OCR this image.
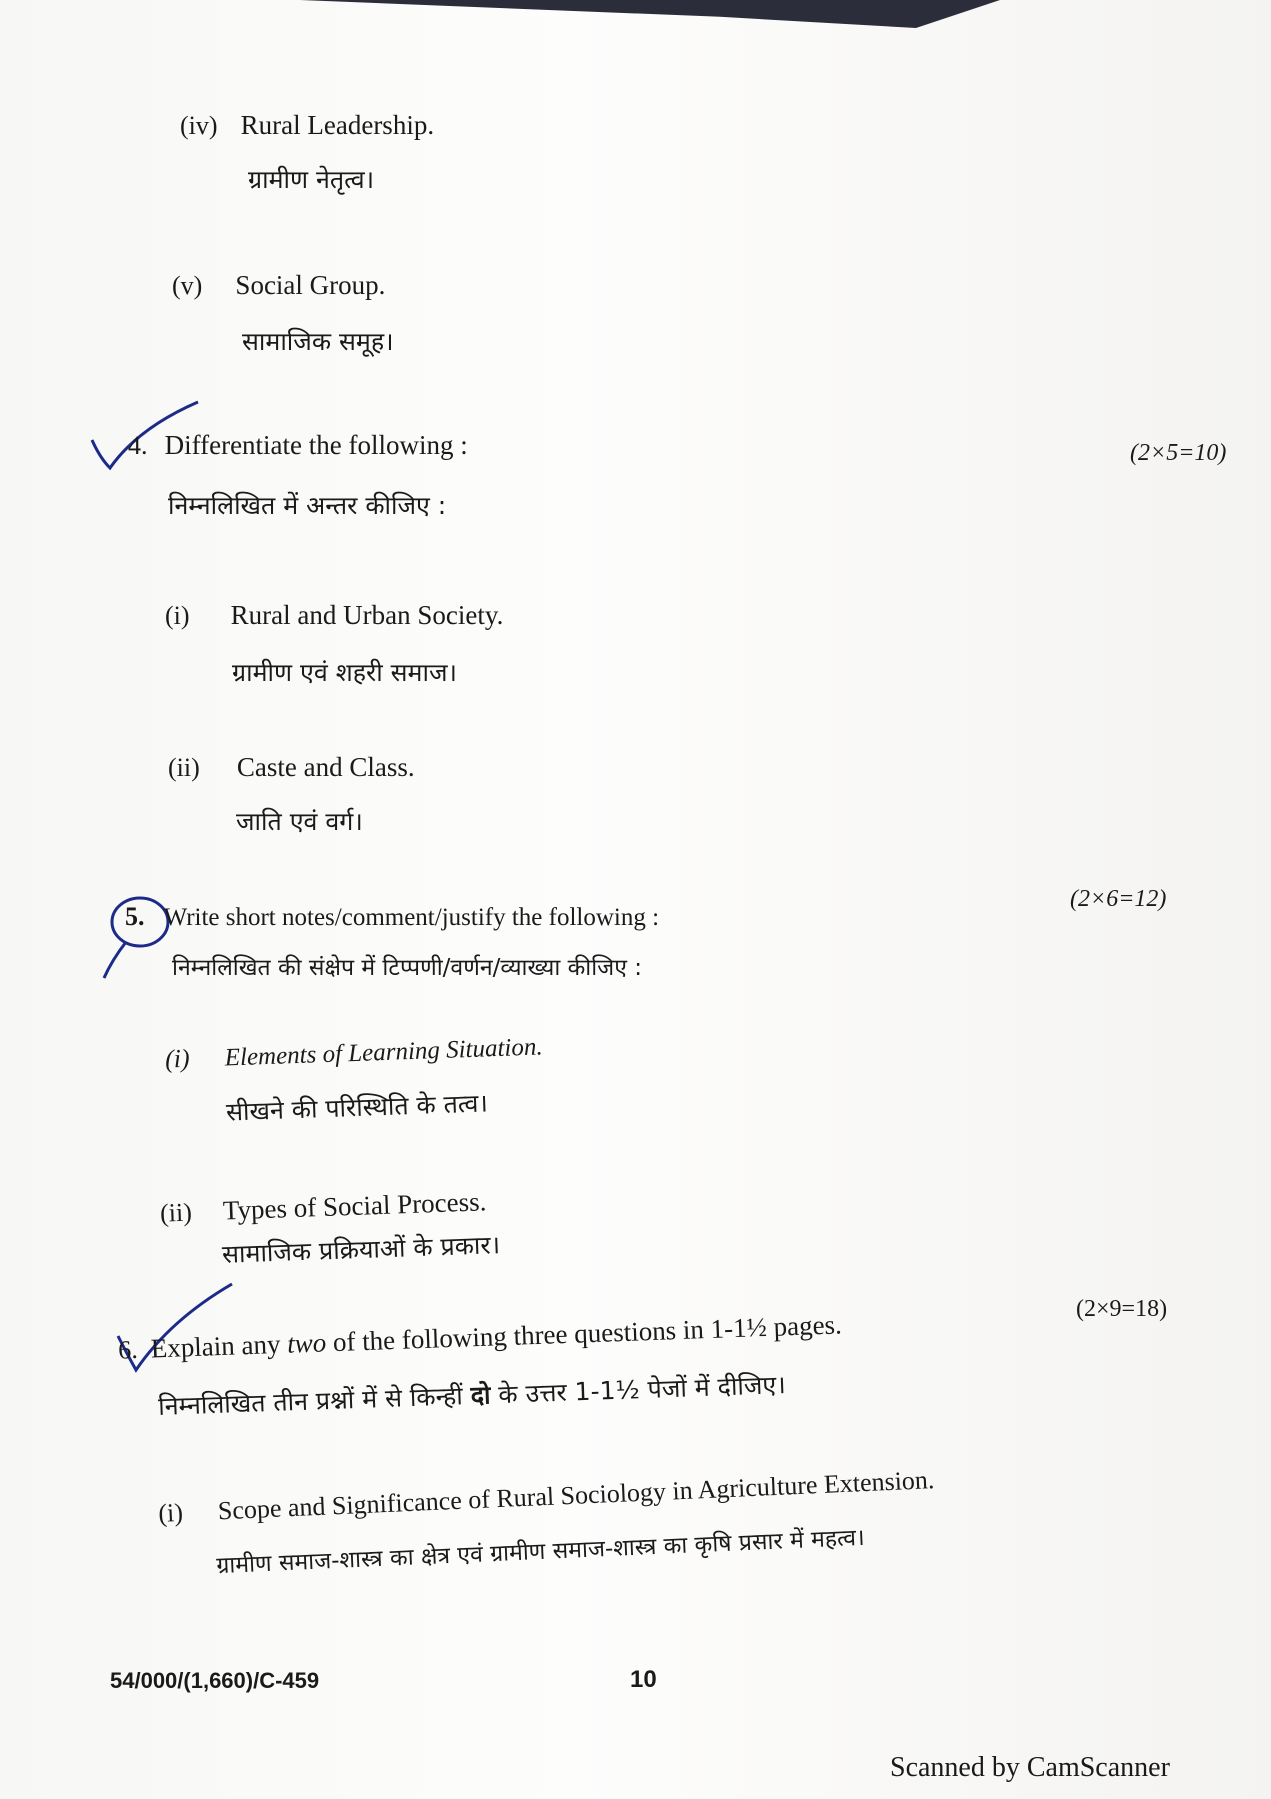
(iv) Rural Leadership.
ग्रामीण नेतृत्व।
(v) Social Group.
सामाजिक समूह।
4. Differentiate the following :	(2×5=10)
निम्नलिखित में अन्तर कीजिए :
(i) Rural and Urban Society.
ग्रामीण एवं शहरी समाज।
(ii) Caste and Class.
जाति एवं वर्ग।
5. Write short notes/comment/justify the following :
(2×6=12)
निम्नलिखित की संक्षेप में टिप्पणी/वर्णन/व्याख्या कीजिए :
(i) Elements of Learning Situation.
सीखने की परिस्थिति के तत्व।
(ii) Types of Social Process.
सामाजिक प्रक्रियाओं के प्रकार।
6. Explain any two of the following three questions in 1-1½ pages.
(2×9=18)
निम्नलिखित तीन प्रश्नों में से किन्हीं दो के उत्तर 1-1½ पेजों में दीजिए।
(i) Scope and Significance of Rural Sociology in Agriculture Extension.
ग्रामीण समाज-शास्त्र का क्षेत्र एवं ग्रामीण समाज-शास्त्र का कृषि प्रसार में महत्व।
54/000/(1,660)/C-459	10
Scanned by CamScanner
